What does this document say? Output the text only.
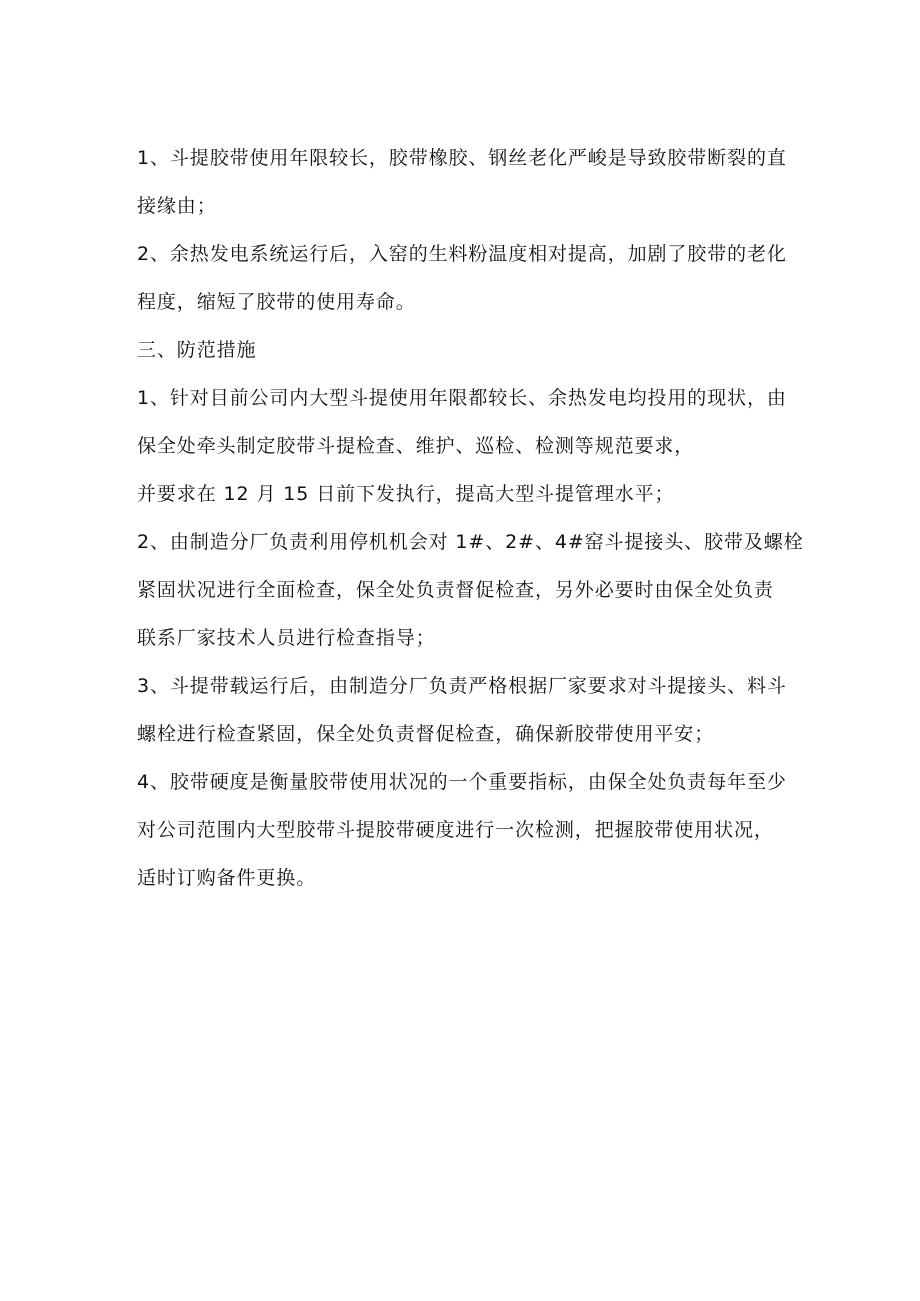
1、斗提胶带使用年限较长，胶带橡胶、钢丝老化严峻是导致胶带断裂的直
接缘由；
2、余热发电系统运行后，入窑的生料粉温度相对提高，加剧了胶带的老化
程度，缩短了胶带的使用寿命。
三、防范措施
1、针对目前公司内大型斗提使用年限都较长、余热发电均投用的现状，由
保全处牵头制定胶带斗提检查、维护、巡检、检测等规范要求，
并要求在 12 月 15 日前下发执行，提高大型斗提管理水平；
2、由制造分厂负责利用停机机会对 1#、2#、4#窑斗提接头、胶带及螺栓
紧固状况进行全面检查，保全处负责督促检查，另外必要时由保全处负责
联系厂家技术人员进行检查指导；
3、斗提带载运行后，由制造分厂负责严格根据厂家要求对斗提接头、料斗
螺栓进行检查紧固，保全处负责督促检查，确保新胶带使用平安；
4、胶带硬度是衡量胶带使用状况的一个重要指标，由保全处负责每年至少
对公司范围内大型胶带斗提胶带硬度进行一次检测，把握胶带使用状况，
适时订购备件更换。
